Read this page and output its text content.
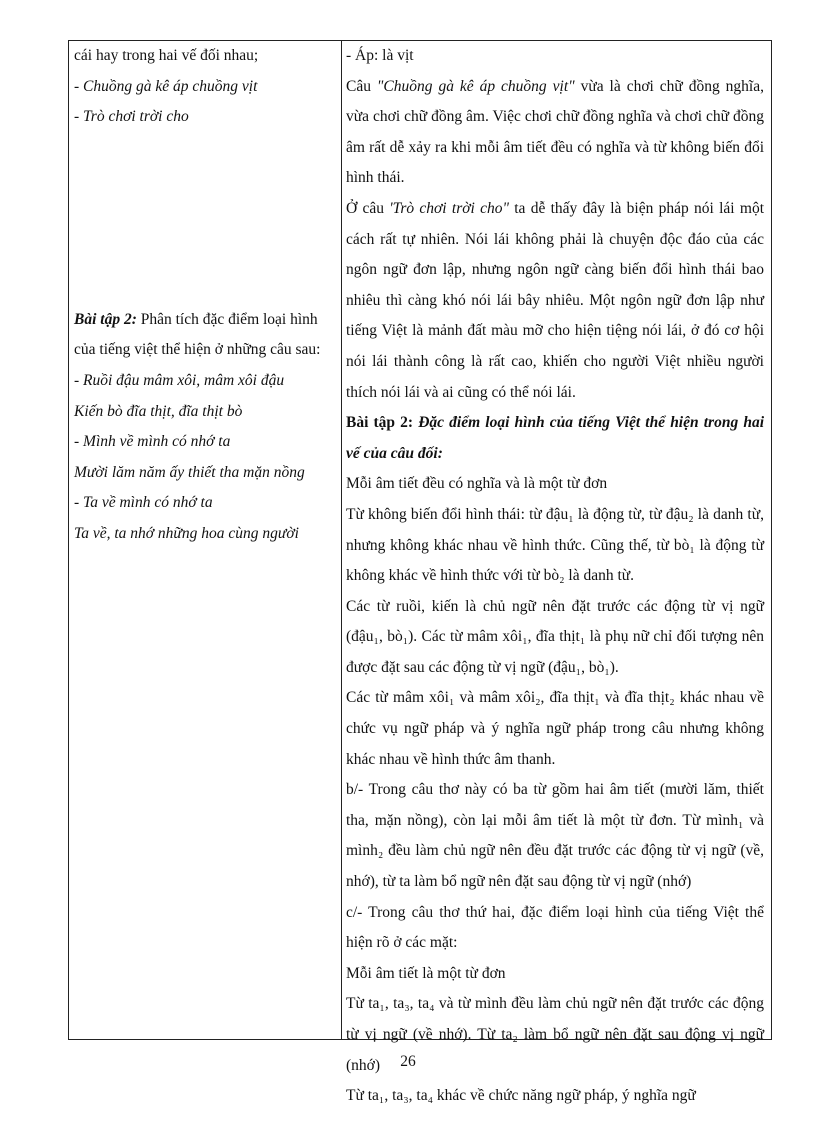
cái hay trong hai vế đối nhau;

- Chuồng gà kê áp chuồng vịt

- Trò chơi trời cho

Bài tập 2: Phân tích đặc điểm loại hình của tiếng việt thể hiện ở những câu sau:

- Ruồi đậu mâm xôi, mâm xôi đậu

Kiến bò đĩa thịt, đĩa thịt bò

- Mình về mình có nhớ ta

Mười lăm năm ấy thiết tha mặn nồng

- Ta về mình có nhớ ta

Ta về, ta nhớ những hoa cùng người

- Áp: là vịt

Câu "Chuồng gà kê áp chuồng vịt" vừa là chơi chữ đồng nghĩa, vừa chơi chữ đồng âm. Việc chơi chữ đồng nghĩa và chơi chữ đồng âm rất dễ xảy ra khi mỗi âm tiết đều có nghĩa và từ không biến đổi hình thái.

Ở câu 'Trò chơi trời cho" ta dễ thấy đây là biện pháp nói lái một cách rất tự nhiên. Nói lái không phải là chuyện độc đáo của các ngôn ngữ đơn lập, nhưng ngôn ngữ càng biến đổi hình thái bao nhiêu thì càng khó nói lái bây nhiêu. Một ngôn ngữ đơn lập như tiếng Việt là mảnh đất màu mỡ cho hiện tiệng nói lái, ở đó cơ hội nói lái thành công là rất cao, khiến cho người Việt nhiều người thích nói lái và ai cũng có thể nói lái.

Bài tập 2: Đặc điểm loại hình của tiếng Việt thể hiện trong hai vế của câu đối:

Mỗi âm tiết đều có nghĩa và là một từ đơn

Từ không biến đổi hình thái: từ đậu₁ là động từ, từ đậu₂ là danh từ, nhưng không khác nhau về hình thức. Cũng thế, từ bò₁ là động từ không khác về hình thức với từ bò₂ là danh từ.

Các từ ruồi, kiến là chủ ngữ nên đặt trước các động từ vị ngữ (đậu₁, bò₁). Các từ mâm xôi₁, đĩa thịt₁ là phụ nữ chỉ đối tượng nên được đặt sau các động từ vị ngữ (đậu₁, bò₁).

Các từ mâm xôi₁ và mâm xôi₂, đĩa thịt₁ và đĩa thịt₂ khác nhau về chức vụ ngữ pháp và ý nghĩa ngữ pháp trong câu nhưng không khác nhau về hình thức âm thanh.

b/- Trong câu thơ này có ba từ gồm hai âm tiết (mười lăm, thiết tha, mặn nồng), còn lại mỗi âm tiết là một từ đơn. Từ mình₁ và mình₂ đều làm chủ ngữ nên đều đặt trước các động từ vị ngữ (về, nhớ), từ ta làm bổ ngữ nên đặt sau động từ vị ngữ (nhớ)

c/- Trong câu thơ thứ hai, đặc điểm loại hình của tiếng Việt thể hiện rõ ở các mặt:

Mỗi âm tiết là một từ đơn

Từ ta₁, ta₃, ta₄ và từ mình đều làm chủ ngữ nên đặt trước các động từ vị ngữ (về nhớ). Từ ta₂ làm bổ ngữ nên đặt sau động vị ngữ (nhớ)

Từ ta₁, ta₃, ta₄ khác về chức năng ngữ pháp, ý nghĩa ngữ

26
